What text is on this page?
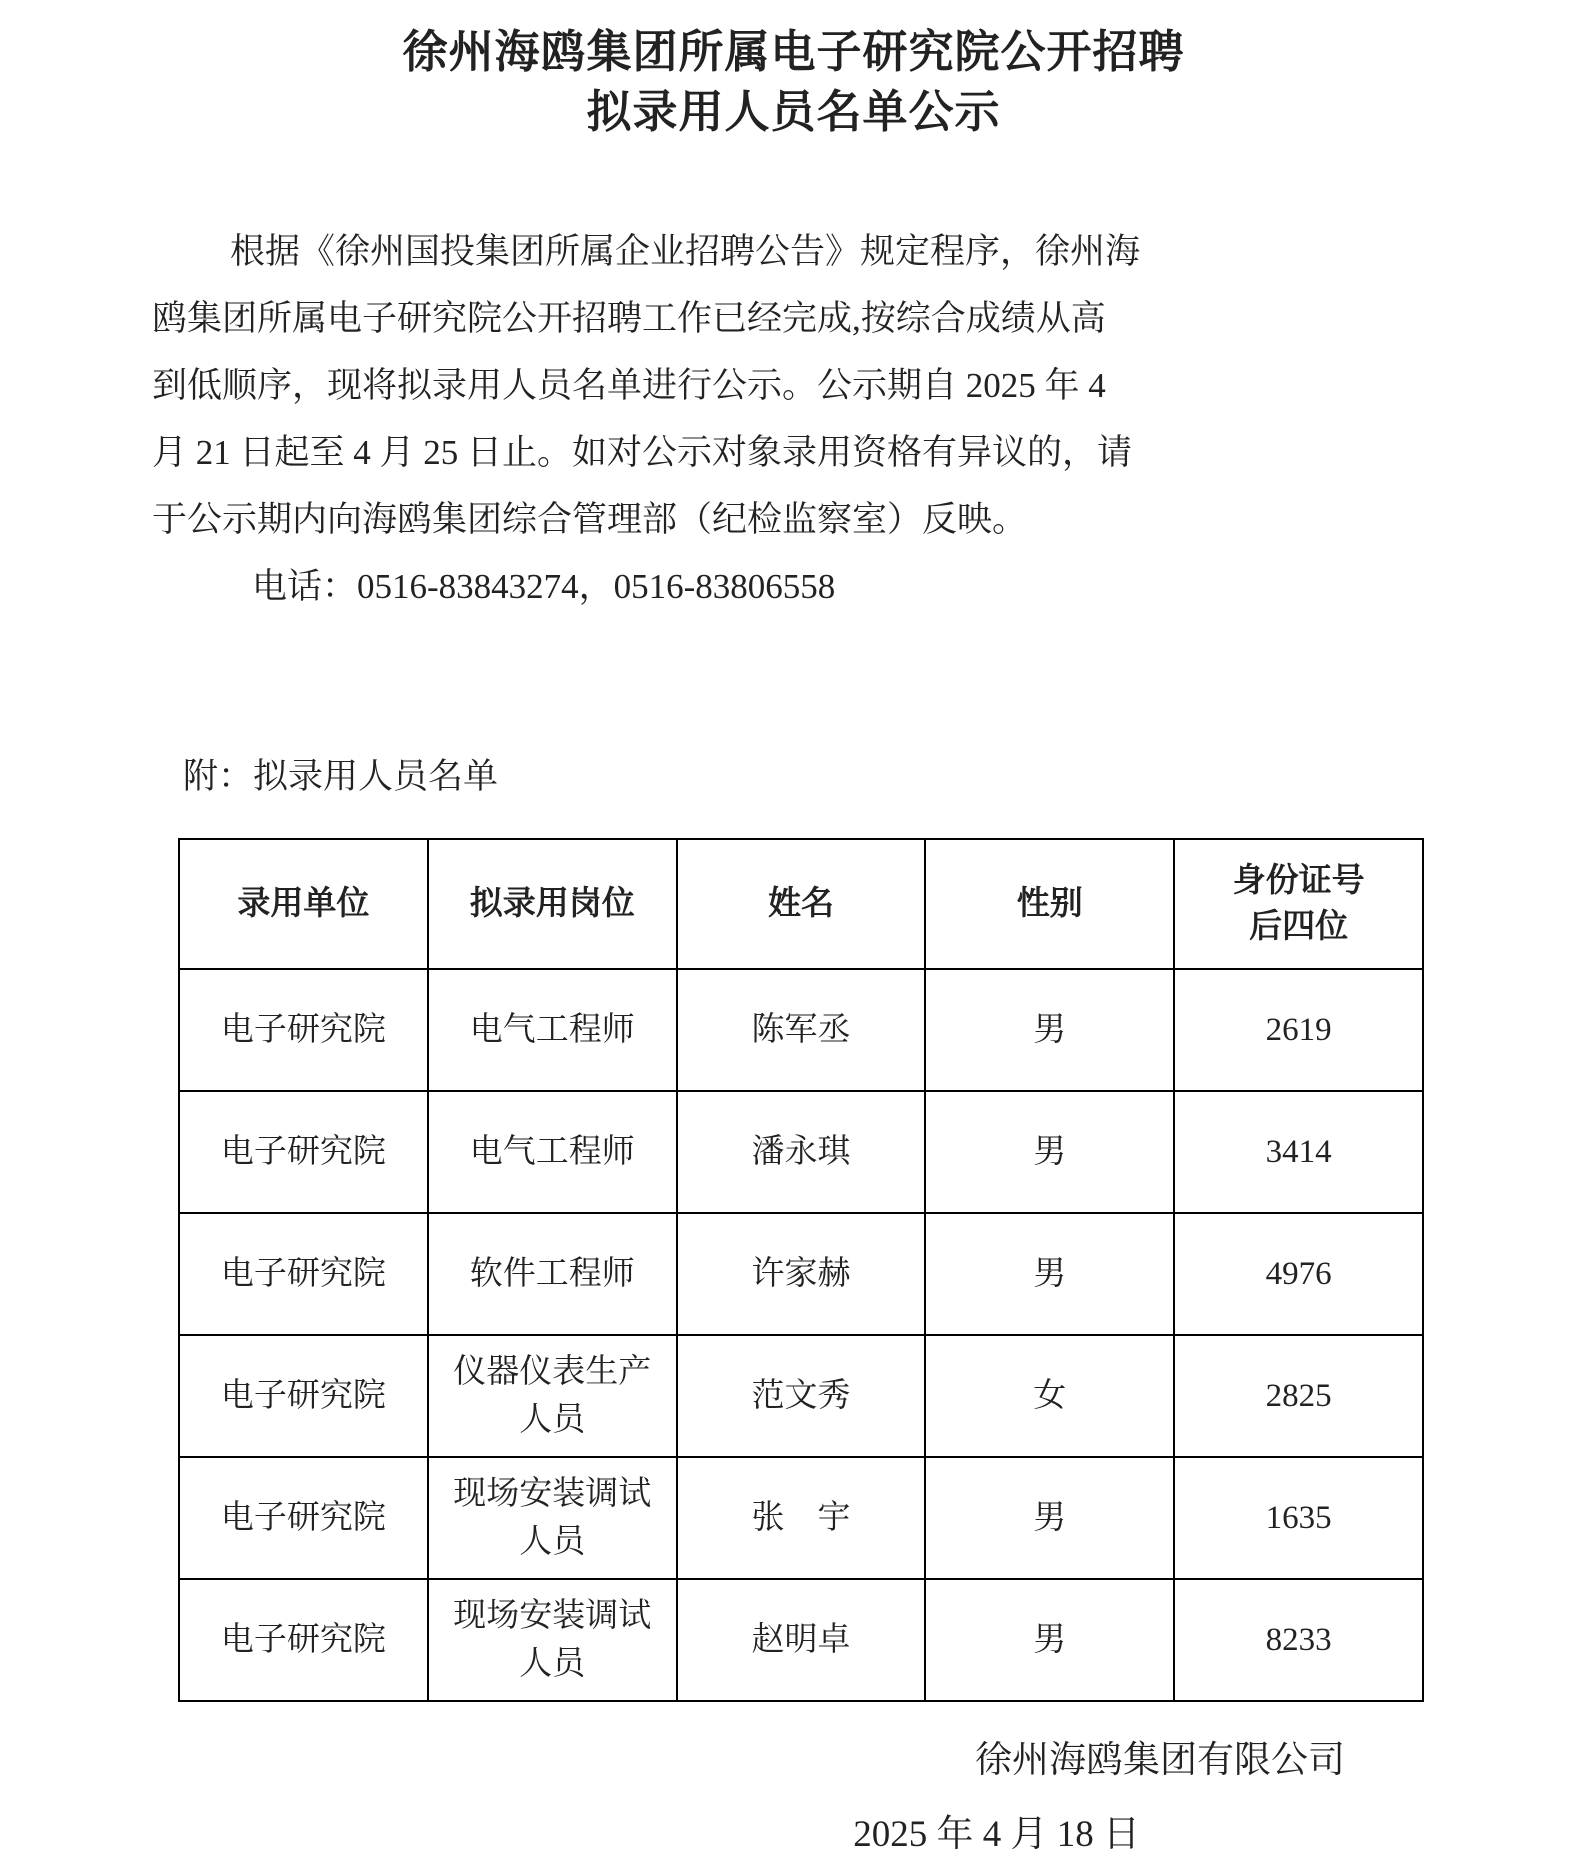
徐州海鸥集团所属电子研究院公开招聘
拟录用人员名单公示
根据《徐州国投集团所属企业招聘公告》规定程序，徐州海
鸥集团所属电子研究院公开招聘工作已经完成,按综合成绩从高
到低顺序，现将拟录用人员名单进行公示。公示期自 2025 年 4
月 21 日起至 4 月 25 日止。如对公示对象录用资格有异议的，请
于公示期内向海鸥集团综合管理部（纪检监察室）反映。
电话：0516-83843274，0516-83806558
附：拟录用人员名单
录用单位	拟录用岗位	姓名	性别	身份证号
后四位

电子研究院	电气工程师	陈军丞	男	2619
电子研究院	电气工程师	潘永琪	男	3414
电子研究院	软件工程师	许家赫	男	4976
电子研究院	仪器仪表生产人员	范文秀	女	2825
电子研究院	现场安装调试人员	张　宇	男	1635
电子研究院	现场安装调试人员	赵明卓	男	8233
徐州海鸥集团有限公司
2025 年 4 月 18 日
